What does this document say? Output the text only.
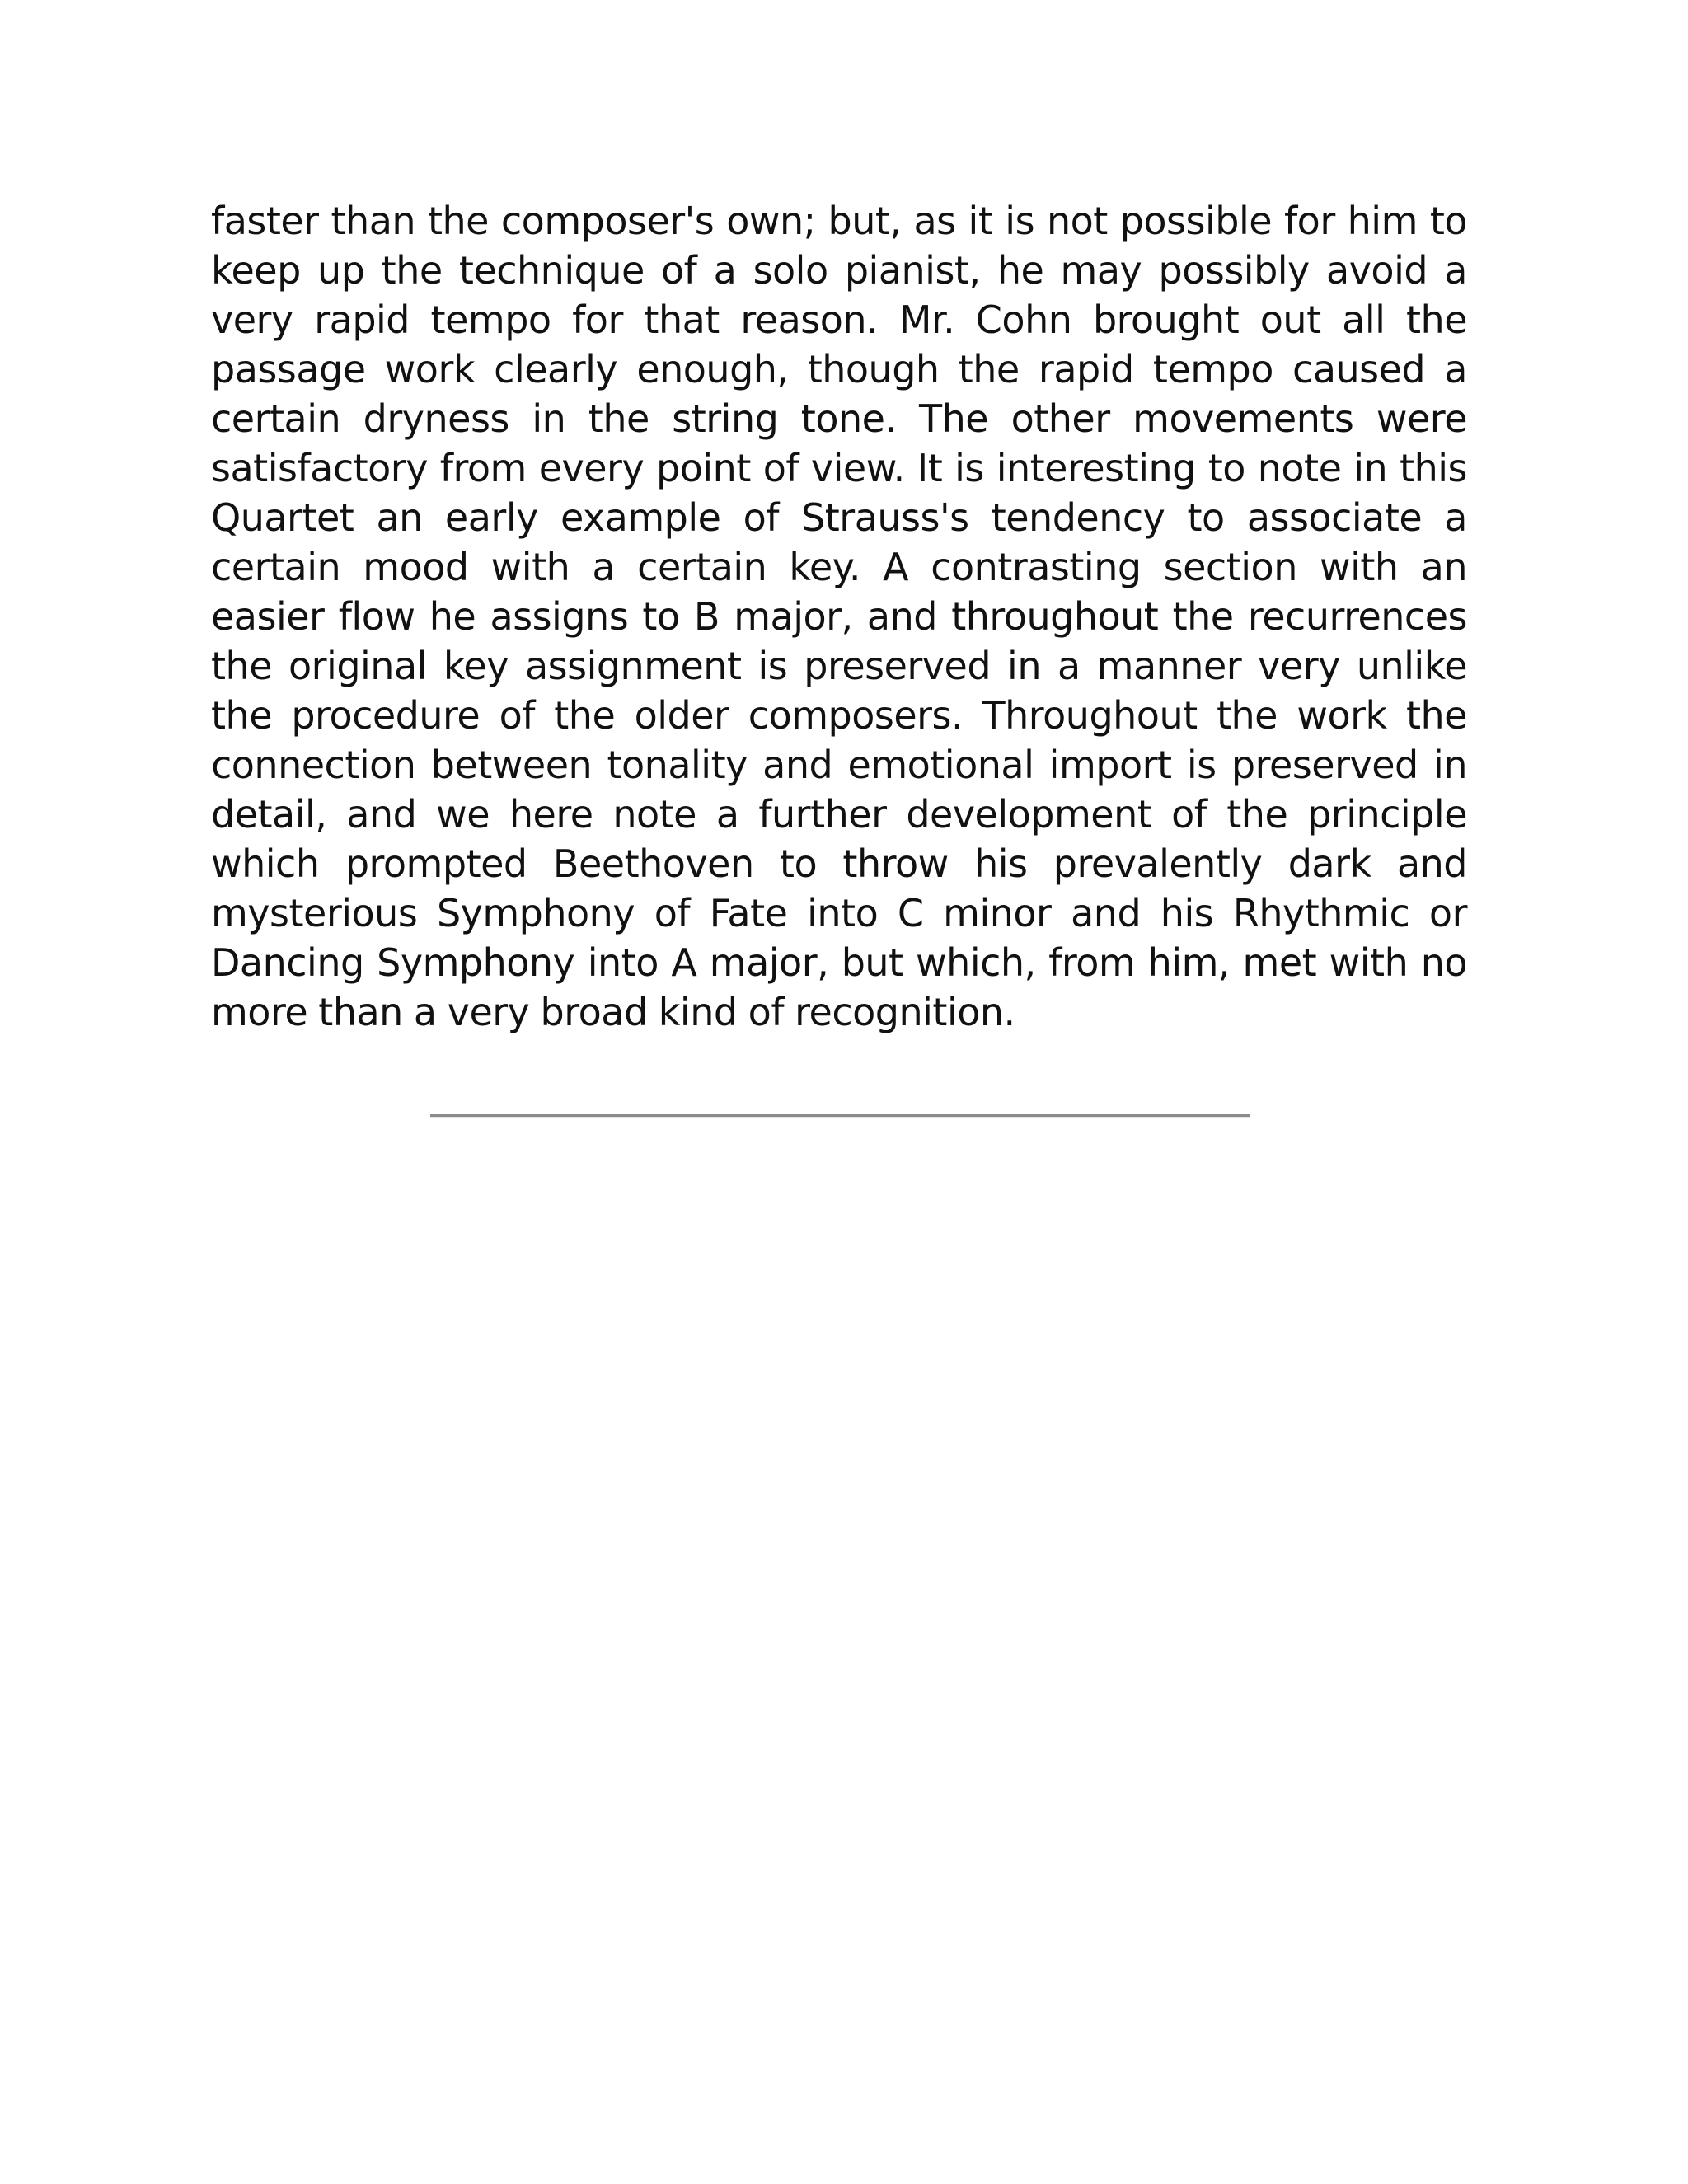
faster than the composer's own; but, as it is not possible for him to keep up the technique of a solo pianist, he may possibly avoid a very rapid tempo for that reason. Mr. Cohn brought out all the passage work clearly enough, though the rapid tempo caused a certain dryness in the string tone. The other movements were satisfactory from every point of view. It is interesting to note in this Quartet an early example of Strauss's tendency to associate a certain mood with a certain key. A contrasting section with an easier flow he assigns to B major, and throughout the recurrences the original key assignment is preserved in a manner very unlike the procedure of the older composers. Throughout the work the connection between tonality and emotional import is preserved in detail, and we here note a further development of the principle which prompted Beethoven to throw his prevalently dark and mysterious Symphony of Fate into C minor and his Rhythmic or Dancing Symphony into A major, but which, from him, met with no more than a very broad kind of recognition.
